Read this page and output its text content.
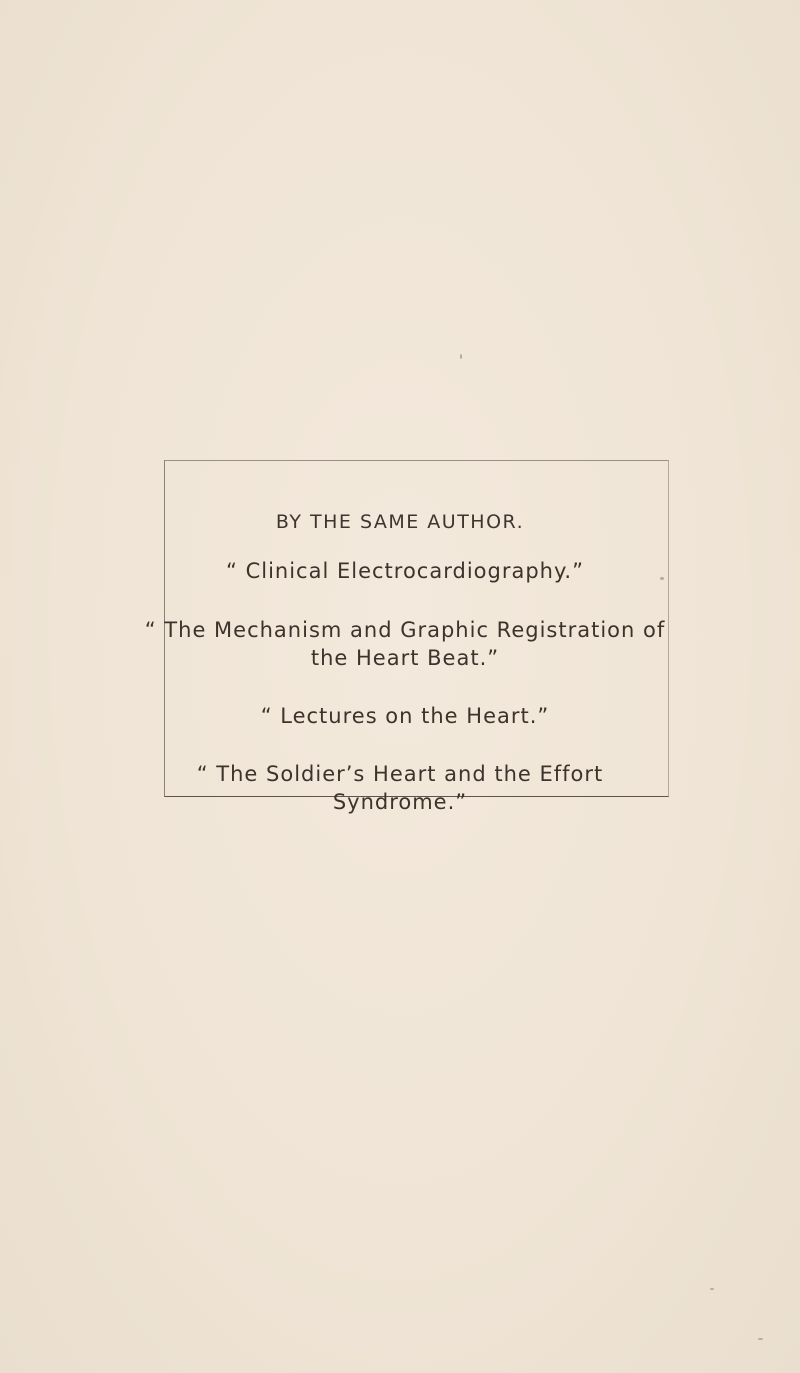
BY THE SAME AUTHOR.
“ Clinical Electrocardiography.”
“ The Mechanism and Graphic Registration of the Heart Beat.”
“ Lectures on the Heart.”
“ The Soldier’s Heart and the Effort Syndrome.”
